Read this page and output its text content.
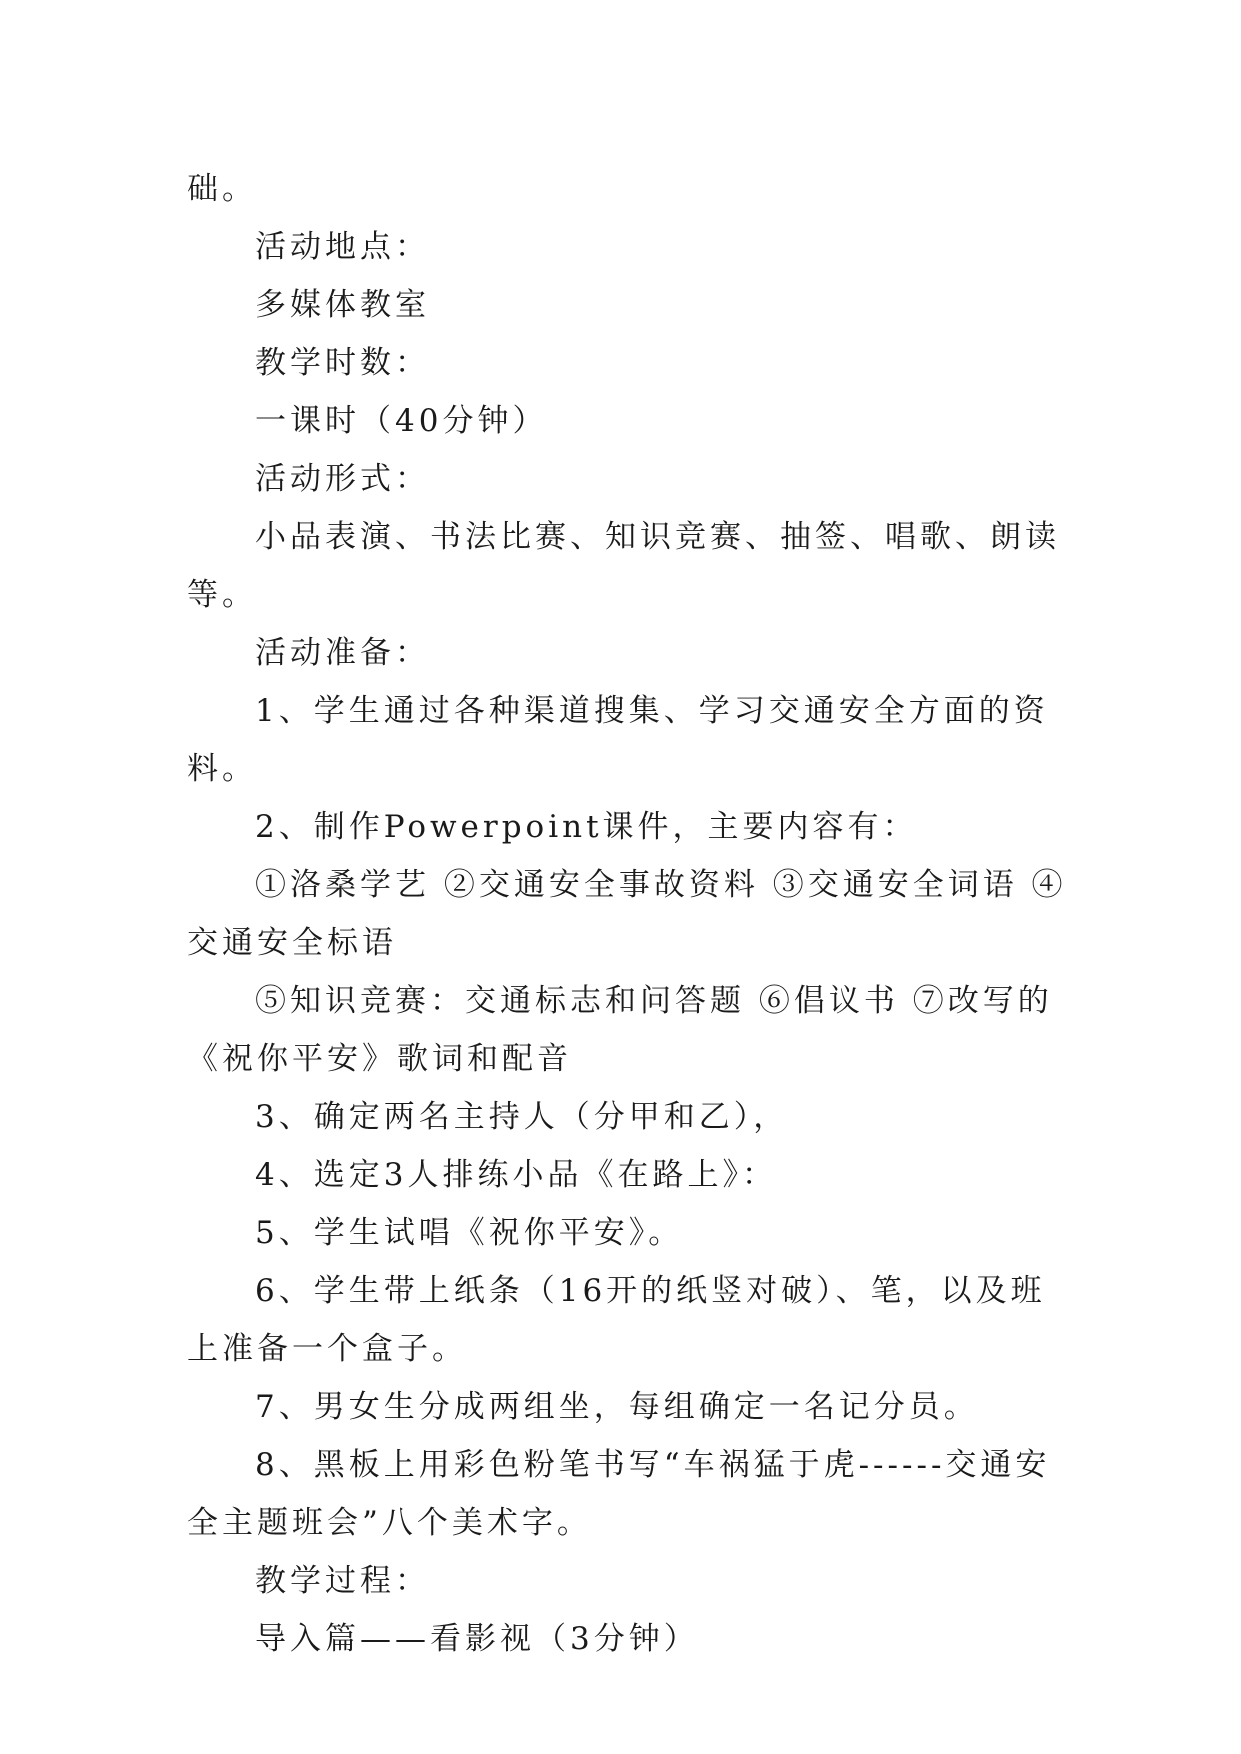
础。

活动地点：

多媒体教室

教学时数：

一课时（40分钟）

活动形式：

小品表演、书法比赛、知识竞赛、抽签、唱歌、朗读等。

活动准备：

1、学生通过各种渠道搜集、学习交通安全方面的资料。

2、制作Powerpoint课件，主要内容有：

①洛桑学艺 ②交通安全事故资料 ③交通安全词语 ④交通安全标语

⑤知识竞赛：交通标志和问答题 ⑥倡议书 ⑦改写的《祝你平安》歌词和配音

3、确定两名主持人（分甲和乙），

4、选定3人排练小品《在路上》：

5、学生试唱《祝你平安》。

6、学生带上纸条（16开的纸竖对破）、笔，以及班上准备一个盒子。

7、男女生分成两组坐，每组确定一名记分员。

8、黑板上用彩色粉笔书写“车祸猛于虎------交通安全主题班会”八个美术字。

教学过程：

导入篇——看影视（3分钟）
